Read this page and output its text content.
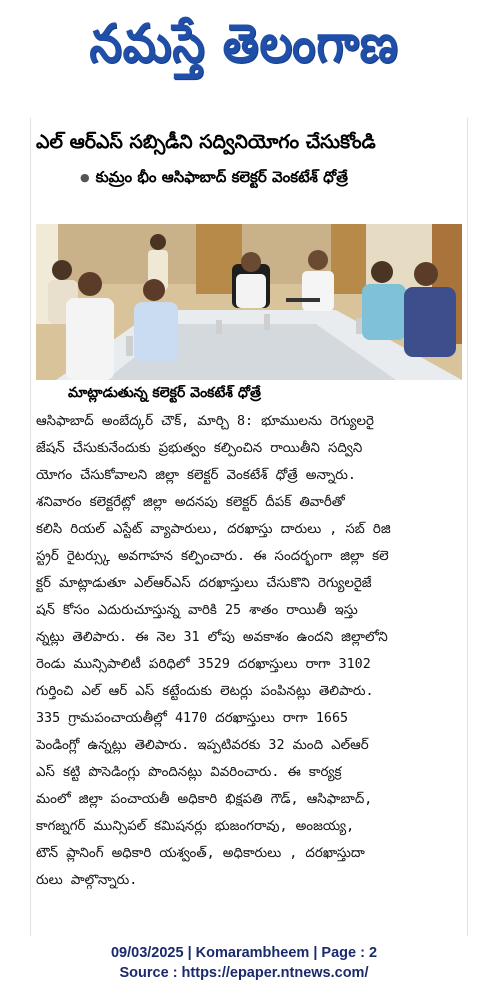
నమస్తే తెలంగాణ
ఎల్ ఆర్ఎస్ సబ్సిడీని సద్వినియోగం చేసుకోండి
● కుమ్రం భీం ఆసిఫాబాద్ కలెక్టర్ వెంకటేశ్ ధోత్రే
మాట్లాడుతున్న కలెక్టర్ వెంకటేశ్ ధోత్రే
ఆసిఫాబాద్ అంబేద్కర్ చౌక్, మార్చి 8: భూములను రెగ్యులరై
జేషన్ చేసుకునేందుకు ప్రభుత్వం కల్పించిన రాయితీని సద్విని
యోగం చేసుకోవాలని జిల్లా కలెక్టర్ వెంకటేశ్ ధోత్రే అన్నారు.
శనివారం కలెక్టరేట్లో జిల్లా అదనపు కలెక్టర్ దీపక్ తివారీతో
కలిసి రియల్ ఎస్టేట్ వ్యాపారులు, దరఖాస్తు దారులు , సబ్ రిజి
స్ట్రర్ రైటర్స్కు అవగాహన కల్పించారు. ఈ సందర్భంగా జిల్లా కలె
క్టర్ మాట్లాడుతూ ఎల్ఆర్ఎస్ దరఖాస్తులు చేసుకొని రెగ్యులరైజే
షన్ కోసం ఎదురుచూస్తున్న వారికి 25 శాతం రాయితీ ఇస్తు
న్నట్లు తెలిపారు. ఈ నెల 31 లోపు అవకాశం ఉందని జిల్లాలోని
రెండు మున్సిపాలిటీ పరిధిలో 3529 దరఖాస్తులు రాగా 3102
గుర్తించి ఎల్ ఆర్ ఎస్ కట్టేందుకు లెటర్లు పంపినట్లు తెలిపారు.
335 గ్రామపంచాయతీల్లో 4170 దరఖాస్తులు రాగా 1665
పెండింగ్లో ఉన్నట్లు తెలిపారు. ఇప్పటివరకు 32 మంది ఎల్ఆర్
ఎస్ కట్టి పొసెడింగ్లు పొందినట్లు వివరించారు. ఈ కార్యక్ర
మంలో జిల్లా పంచాయతీ అధికారి భిక్షపతి గౌడ్, ఆసిఫాబాద్,
కాగజ్నగర్ మున్సిపల్ కమిషనర్లు భుజంగరావు, అంజయ్య,
టౌన్ ప్లానింగ్ అధికారి యశ్వంత్, అధికారులు , దరఖాస్తుదా
రులు పాల్గొన్నారు.
09/03/2025 | Komarambheem | Page : 2
Source : https://epaper.ntnews.com/
